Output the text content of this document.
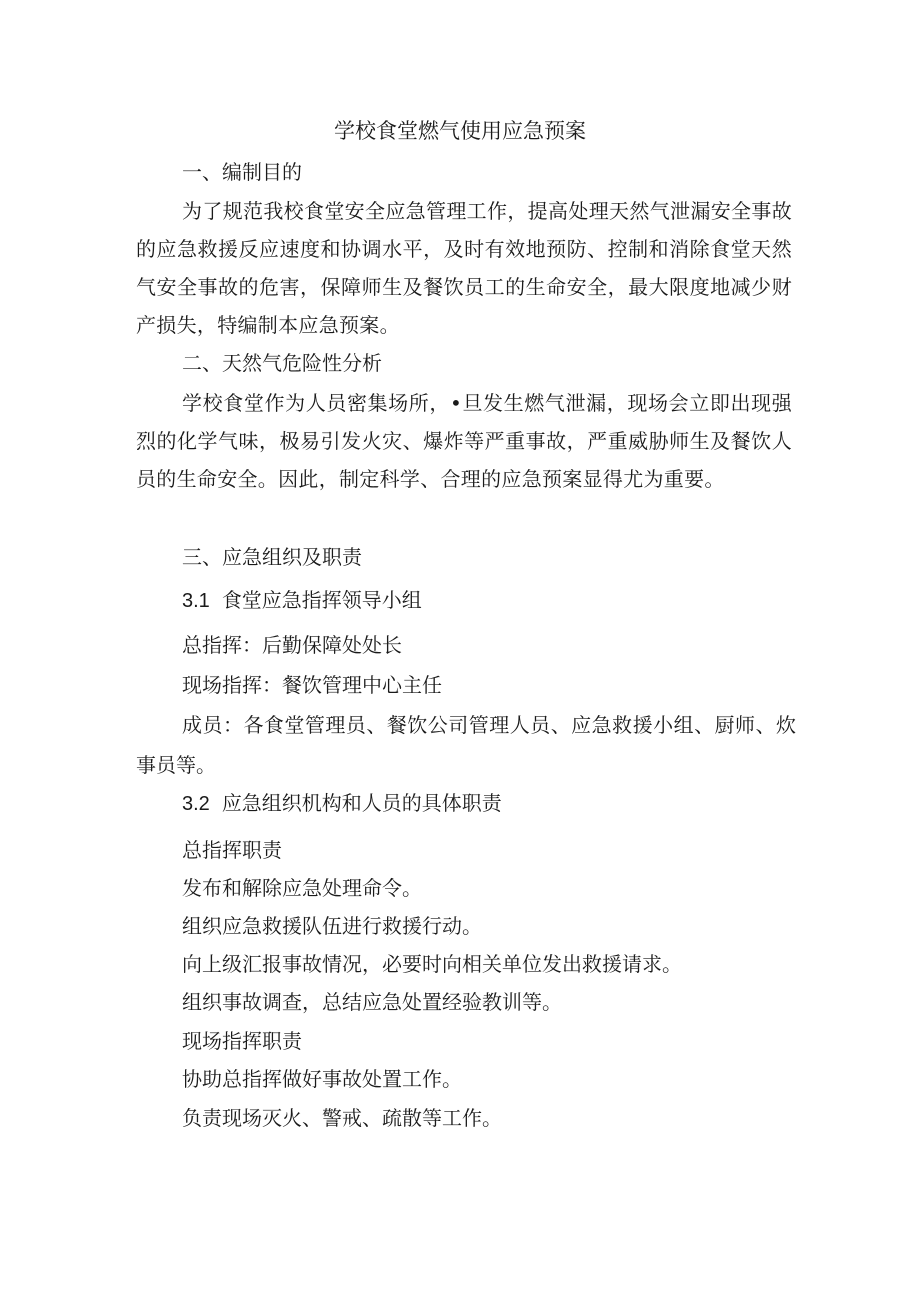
学校食堂燃气使用应急预案

一、编制目的

为了规范我校食堂安全应急管理工作，提高处理天然气泄漏安全事故的应急救援反应速度和协调水平，及时有效地预防、控制和消除食堂天然气安全事故的危害，保障师生及餐饮员工的生命安全，最大限度地减少财产损失，特编制本应急预案。

二、天然气危险性分析

学校食堂作为人员密集场所，•旦发生燃气泄漏，现场会立即出现强烈的化学气味，极易引发火灾、爆炸等严重事故，严重威胁师生及餐饮人员的生命安全。因此，制定科学、合理的应急预案显得尤为重要。

三、应急组织及职责

3.1 食堂应急指挥领导小组

总指挥：后勤保障处处长

现场指挥：餐饮管理中心主任

成员：各食堂管理员、餐饮公司管理人员、应急救援小组、厨师、炊事员等。

3.2 应急组织机构和人员的具体职责

总指挥职责

发布和解除应急处理命令。

组织应急救援队伍进行救援行动。

向上级汇报事故情况，必要时向相关单位发出救援请求。

组织事故调查，总结应急处置经验教训等。

现场指挥职责

协助总指挥做好事故处置工作。

负责现场灭火、警戒、疏散等工作。
